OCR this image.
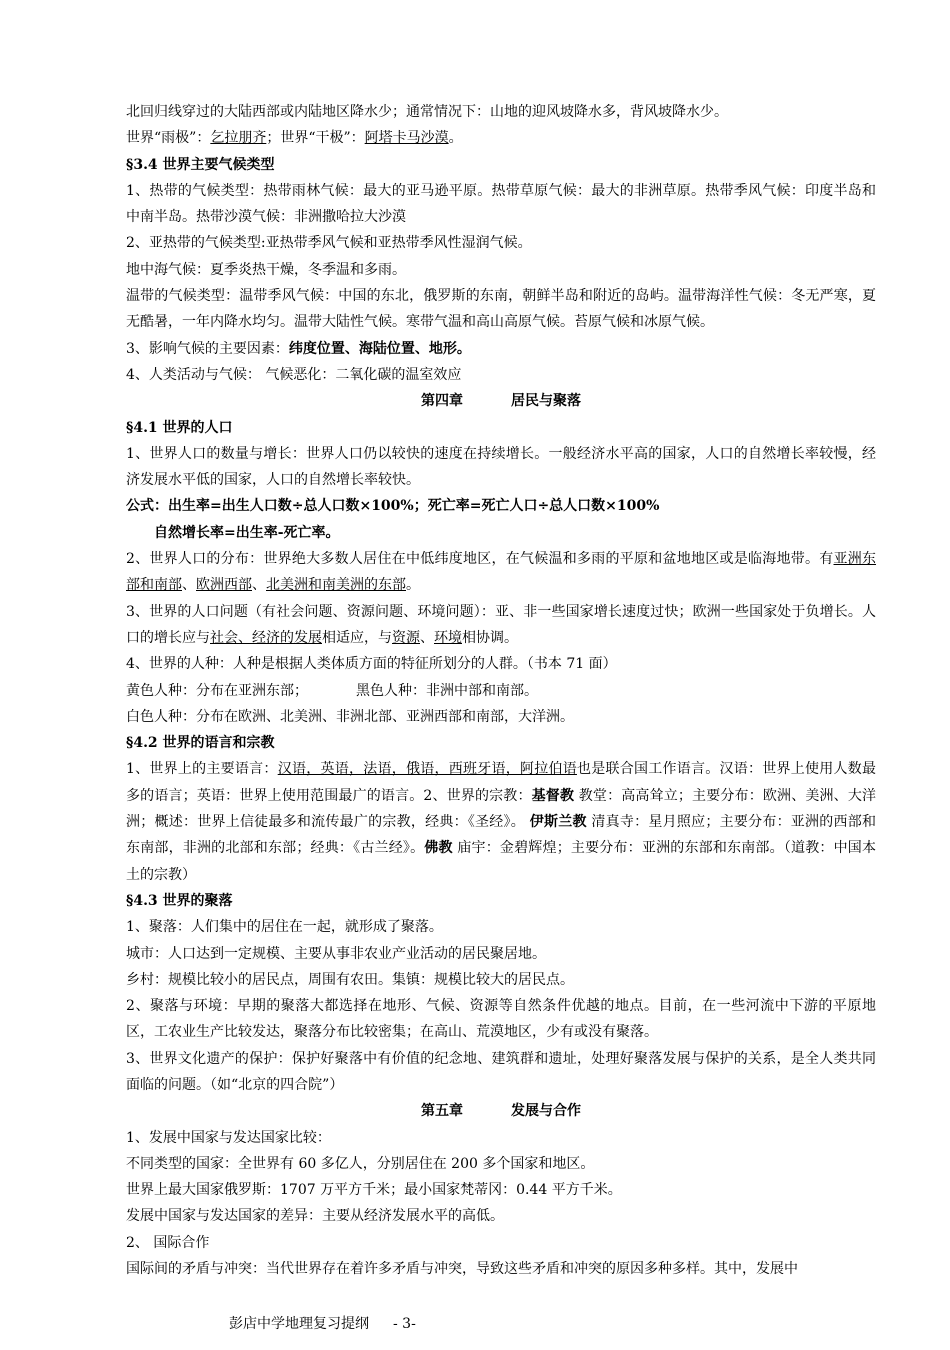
北回归线穿过的大陆西部或内陆地区降水少；通常情况下：山地的迎风坡降水多，背风坡降水少。

世界“雨极”：乞拉朋齐；世界“干极”：阿塔卡马沙漠。

§3.4 世界主要气候类型

1、热带的气候类型：热带雨林气候：最大的亚马逊平原。热带草原气候：最大的非洲草原。热带季风气候：印度半岛和中南半岛。热带沙漠气候：非洲撒哈拉大沙漠

2、亚热带的气候类型:亚热带季风气候和亚热带季风性湿润气候。

地中海气候：夏季炎热干燥，冬季温和多雨。

温带的气候类型：温带季风气候：中国的东北，俄罗斯的东南，朝鲜半岛和附近的岛屿。温带海洋性气候：冬无严寒，夏无酷暑，一年内降水均匀。温带大陆性气候。寒带气温和高山高原气候。苔原气候和冰原气候。

3、影响气候的主要因素：纬度位置、海陆位置、地形。

4、人类活动与气候： 气候恶化：二氧化碳的温室效应

第四章	居民与聚落

§4.1 世界的人口

1、世界人口的数量与增长：世界人口仍以较快的速度在持续增长。一般经济水平高的国家，人口的自然增长率较慢，经济发展水平低的国家，人口的自然增长率较快。

公式：出生率=出生人口数÷总人口数×100%；死亡率=死亡人口÷总人口数×100%

自然增长率=出生率-死亡率。

2、世界人口的分布：世界绝大多数人居住在中低纬度地区，在气候温和多雨的平原和盆地地区或是临海地带。有亚洲东部和南部、欧洲西部、北美洲和南美洲的东部。

3、世界的人口问题（有社会问题、资源问题、环境问题）：亚、非一些国家增长速度过快；欧洲一些国家处于负增长。人口的增长应与社会、经济的发展相适应，与资源、环境相协调。

4、世界的人种：人种是根据人类体质方面的特征所划分的人群。（书本 71 面）

黄色人种：分布在亚洲东部；	黑色人种：非洲中部和南部。

白色人种：分布在欧洲、北美洲、非洲北部、亚洲西部和南部，大洋洲。

§4.2 世界的语言和宗教

1、世界上的主要语言：汉语，英语，法语，俄语，西班牙语，阿拉伯语也是联合国工作语言。汉语：世界上使用人数最多的语言；英语：世界上使用范围最广的语言。2、世界的宗教：基督教 教堂：高高耸立；主要分布：欧洲、美洲、大洋洲；概述：世界上信徒最多和流传最广的宗教，经典：《圣经》。 伊斯兰教 清真寺：星月照应；主要分布：亚洲的西部和东南部，非洲的北部和东部；经典：《古兰经》。佛教 庙宇：金碧辉煌；主要分布：亚洲的东部和东南部。（道教：中国本土的宗教）

§4.3 世界的聚落

1、聚落：人们集中的居住在一起，就形成了聚落。

城市：人口达到一定规模、主要从事非农业产业活动的居民聚居地。

乡村：规模比较小的居民点，周围有农田。集镇：规模比较大的居民点。

2、聚落与环境：早期的聚落大都选择在地形、气候、资源等自然条件优越的地点。目前，在一些河流中下游的平原地区，工农业生产比较发达，聚落分布比较密集；在高山、荒漠地区，少有或没有聚落。

3、世界文化遗产的保护：保护好聚落中有价值的纪念地、建筑群和遗址，处理好聚落发展与保护的关系，是全人类共同面临的问题。（如“北京的四合院”）

第五章	发展与合作

1、发展中国家与发达国家比较：

不同类型的国家：全世界有 60 多亿人，分别居住在 200 多个国家和地区。

世界上最大国家俄罗斯：1707 万平方千米；最小国家梵蒂冈：0.44 平方千米。

发展中国家与发达国家的差异：主要从经济发展水平的高低。

2、 国际合作

国际间的矛盾与冲突：当代世界存在着许多矛盾与冲突，导致这些矛盾和冲突的原因多种多样。其中，发展中

彭店中学地理复习提纲 - 3-
